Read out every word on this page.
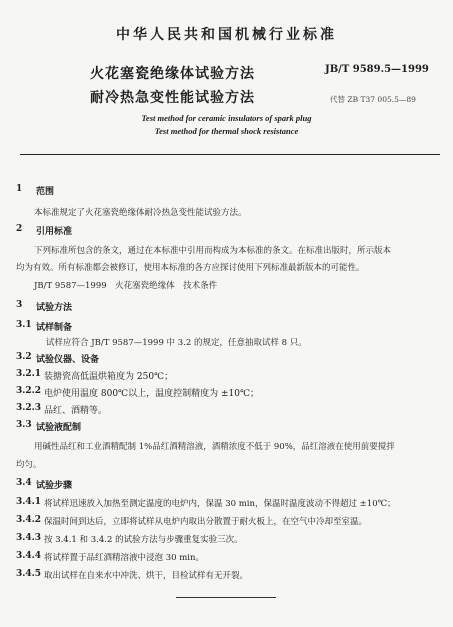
中华人民共和国机械行业标准
火花塞瓷绝缘体试验方法
耐冷热急变性能试验方法
JB/T 9589.5—1999
代替 ZB T37 005.5—89
Test method for ceramic insulators of spark plug
Test method for thermal shock resistance
1 范围
本标准规定了火花塞瓷绝缘体耐冷热急变性能试验方法。
2 引用标准
下列标准所包含的条文，通过在本标准中引用而构成为本标准的条文。在标准出版时，所示版本
均为有效。所有标准都会被修订，使用本标准的各方应探讨使用下列标准最新版本的可能性。
JB/T 9587—1999　火花塞瓷绝缘体　技术条件
3 试验方法
3.1 试样制备
试样应符合 JB/T 9587—1999 中 3.2 的规定，任意抽取试样 8 只。
3.2 试验仪器、设备
3.2.1 装搪瓷高低温烘箱度为 250℃；
3.2.2 电炉使用温度 800℃以上，温度控制精度为 ±10℃；
3.2.3 品红、酒精等。
3.3 试验液配制
用碱性品红和工业酒精配制 1%品红酒精溶液，酒精浓度不低于 90%，品红溶液在使用前要搅拌
均匀。
3.4 试验步骤
3.4.1 将试样迅速放入加热至测定温度的电炉内，保温 30 min，保温时温度波动不得超过 ±10℃；
3.4.2 保温时间到达后，立即将试样从电炉内取出分散置于耐火板上，在空气中冷却至室温。
3.4.3 按 3.4.1 和 3.4.2 的试验方法与步骤重复实验三次。
3.4.4 将试样置于品红酒精溶液中浸泡 30 min。
3.4.5 取出试样在自来水中冲洗、烘干，目检试样有无开裂。
